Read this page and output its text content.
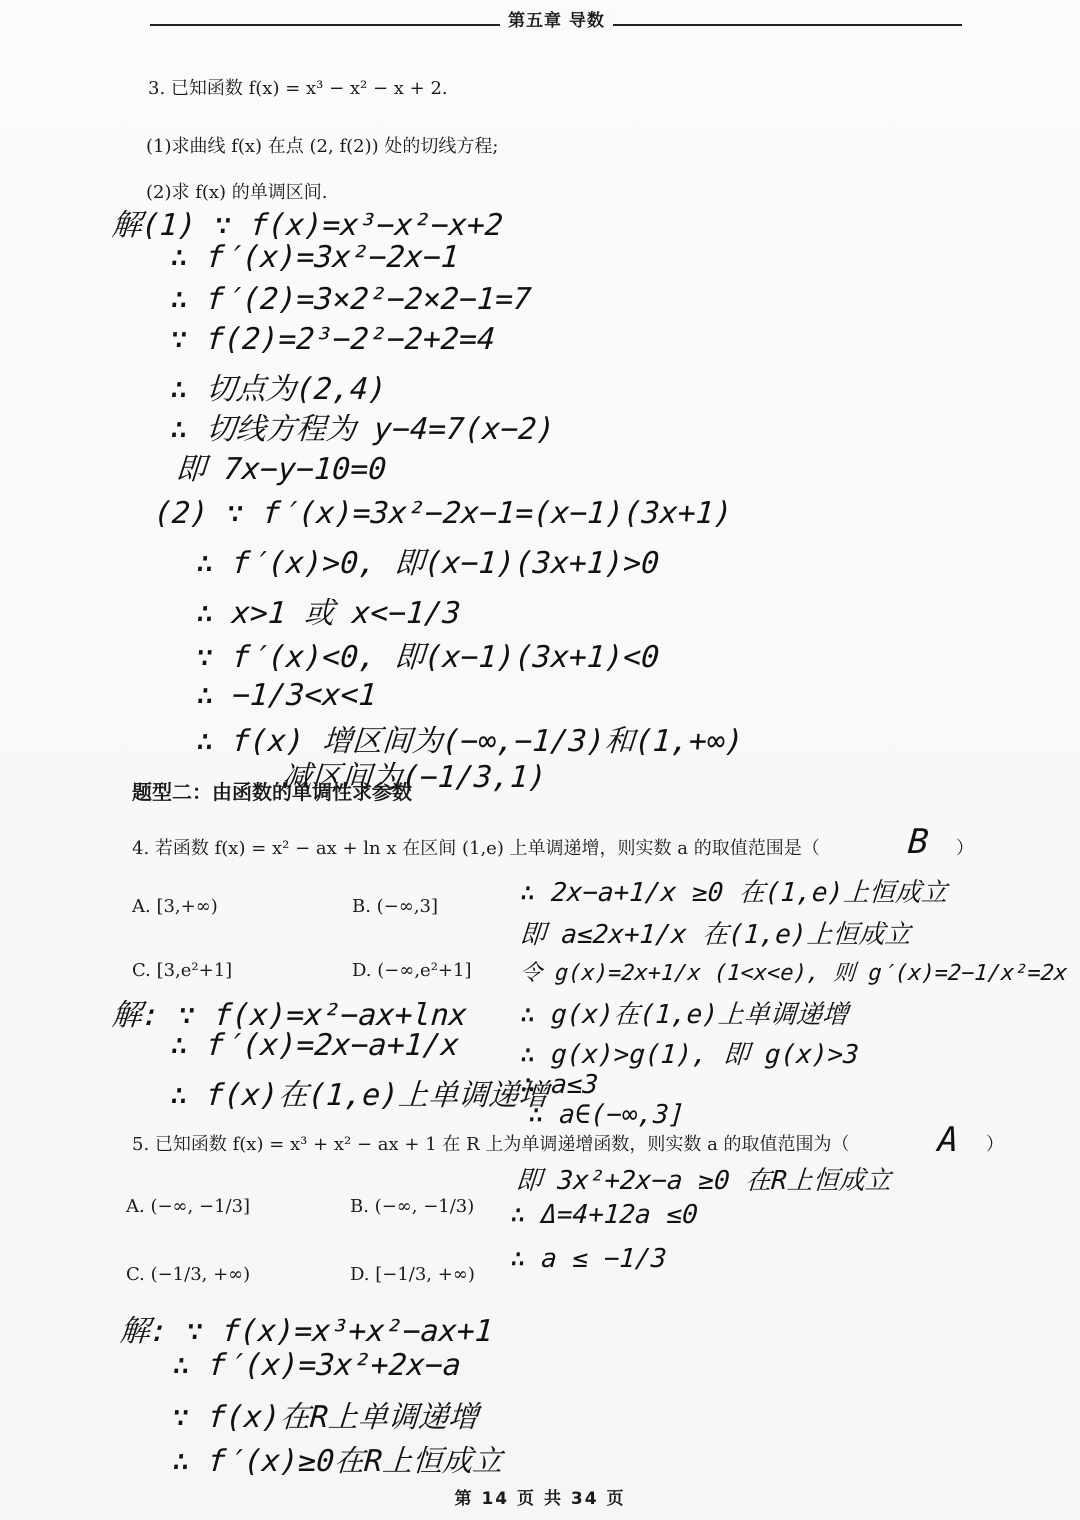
第五章 导数
3. 已知函数 f(x) = x³ − x² − x + 2.
(1)求曲线 f(x) 在点 (2, f(2)) 处的切线方程;
(2)求 f(x) 的单调区间.
解(1) ∵ f(x)=x³−x²−x+2
∴ f′(x)=3x²−2x−1
∴ f′(2)=3×2²−2×2−1=7
∵ f(2)=2³−2²−2+2=4
∴ 切点为(2,4)
∴ 切线方程为 y−4=7(x−2)
即 7x−y−10=0
(2) ∵ f′(x)=3x²−2x−1=(x−1)(3x+1)
∴ f′(x)>0, 即(x−1)(3x+1)>0
∴ x>1 或 x<−1/3
∵ f′(x)<0, 即(x−1)(3x+1)<0
∴ −1/3<x<1
∴ f(x) 增区间为(−∞,−1/3)和(1,+∞)
减区间为(−1/3,1)
题型二：由函数的单调性求参数
4. 若函数 f(x) = x² − ax + ln x 在区间 (1,e) 上单调递增，则实数 a 的取值范围是（	B ）
A. [3,+∞)	B. (−∞,3]
C. [3,e²+1]	D. (−∞,e²+1]
解: ∵ f(x)=x²−ax+lnx
∴ f′(x)=2x−a+1/x
∴ f(x)在(1,e)上单调递增
∴ 2x−a+1/x ≥0 在(1,e)上恒成立
即 a≤2x+1/x 在(1,e)上恒成立
令 g(x)=2x+1/x (1<x<e), 则 g′(x)=2−1/x²=2x
∴ g(x)在(1,e)上单调递增
∴ g(x)>g(1), 即 g(x)>3
∴ a≤3
∴ a∈(−∞,3]
5. 已知函数 f(x) = x³ + x² − ax + 1 在 R 上为单调递增函数，则实数 a 的取值范围为（	A ）
A. (−∞, −1/3]	B. (−∞, −1/3)
C. (−1/3, +∞)	D. [−1/3, +∞)
即 3x²+2x−a ≥0 在R上恒成立
∴ Δ=4+12a ≤0
∴ a ≤ −1/3
解: ∵ f(x)=x³+x²−ax+1
∴ f′(x)=3x²+2x−a
∵ f(x)在R上单调递增
∴ f′(x)≥0在R上恒成立
第 14 页 共 34 页
